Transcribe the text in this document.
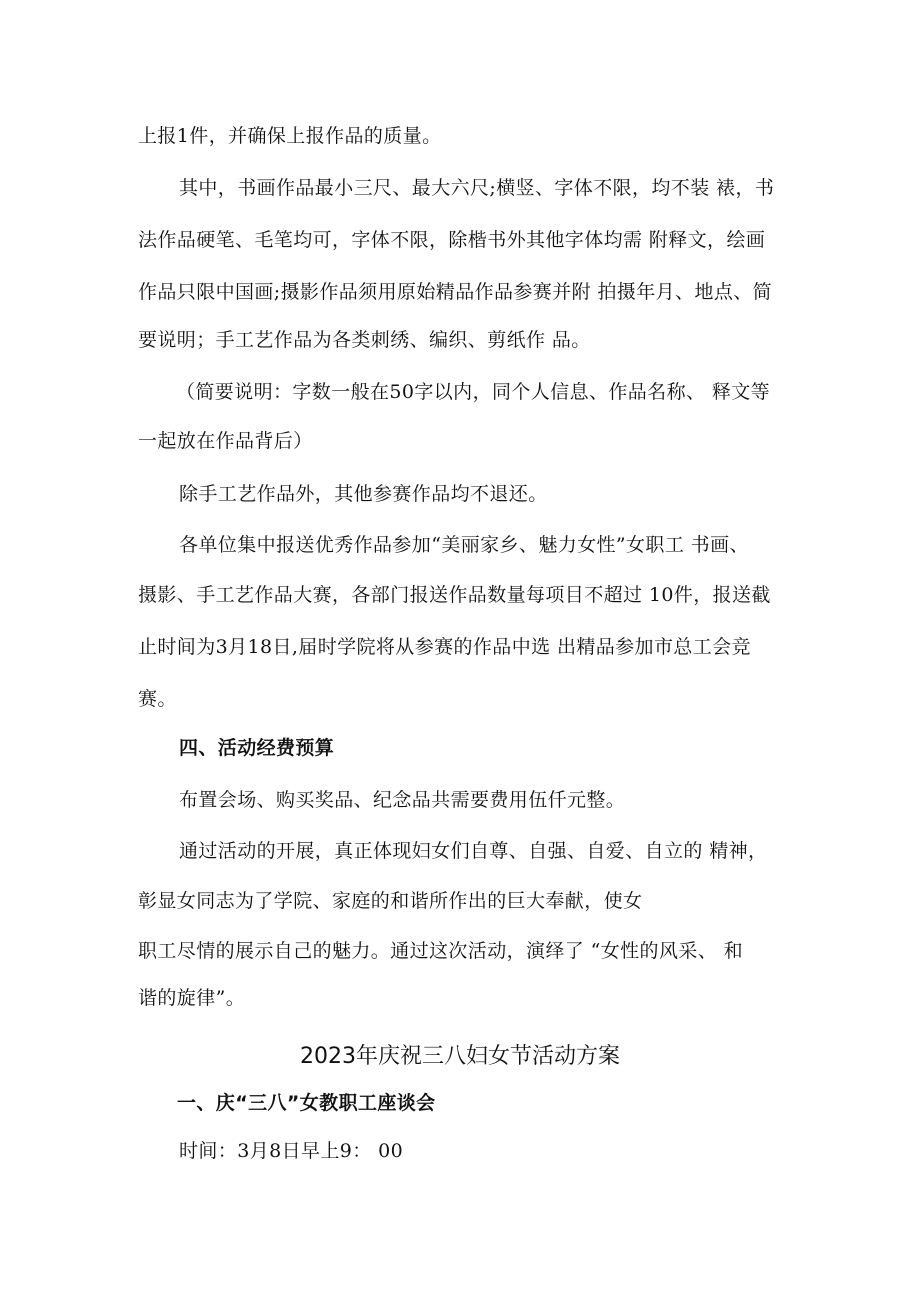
上报1件，并确保上报作品的质量。
其中，书画作品最小三尺、最大六尺;横竖、字体不限，均不装 裱，书
法作品硬笔、毛笔均可，字体不限，除楷书外其他字体均需 附释文，绘画
作品只限中国画;摄影作品须用原始精品作品参赛并附 拍摄年月、地点、简
要说明；手工艺作品为各类刺绣、编织、剪纸作 品。
（简要说明：字数一般在50字以内，同个人信息、作品名称、 释文等
一起放在作品背后）
除手工艺作品外，其他参赛作品均不退还。
各单位集中报送优秀作品参加“美丽家乡、魅力女性”女职工 书画、
摄影、手工艺作品大赛，各部门报送作品数量每项目不超过 10件，报送截
止时间为3月18日,届时学院将从参赛的作品中选 出精品参加市总工会竞
赛。
四、活动经费预算
布置会场、购买奖品、纪念品共需要费用伍仟元整。
通过活动的开展，真正体现妇女们自尊、自强、自爱、自立的 精神，
彰显女同志为了学院、家庭的和谐所作出的巨大奉献，使女
职工尽情的展示自己的魅力。通过这次活动，演绎了 “女性的风采、 和
谐的旋律”。
2023年庆祝三八妇女节活动方案
一、庆“三八”女教职工座谈会
时间：3月8日早上9： 00
